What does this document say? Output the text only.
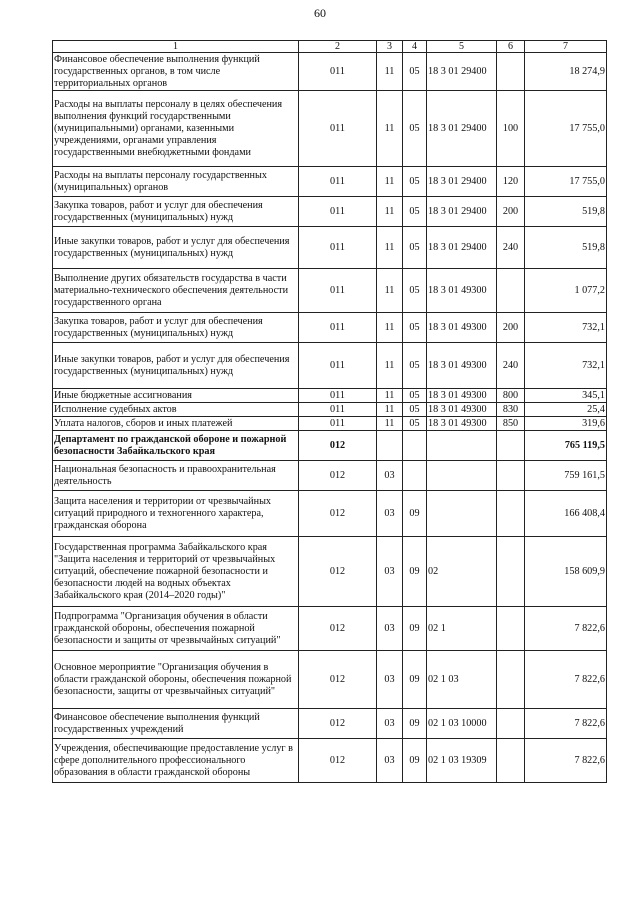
60
1	2	3	4	5	6	7
Финансовое обеспечение выполнения функций государственных органов, в том числе территориальных органов	011	11	05	18 3 01 29400		18 274,9
Расходы на выплаты персоналу в целях обеспечения выполнения функций государственными (муниципальными) органами, казенными учреждениями, органами управления государственными внебюджетными фондами	011	11	05	18 3 01 29400	100	17 755,0
Расходы на выплаты персоналу государственных (муниципальных) органов	011	11	05	18 3 01 29400	120	17 755,0
Закупка товаров, работ и услуг для обеспечения государственных (муниципальных) нужд	011	11	05	18 3 01 29400	200	519,8
Иные закупки товаров, работ и услуг для обеспечения государственных (муниципальных) нужд	011	11	05	18 3 01 29400	240	519,8
Выполнение других обязательств государства в части материально-технического обеспечения деятельности государственного органа	011	11	05	18 3 01 49300		1 077,2
Закупка товаров, работ и услуг для обеспечения государственных (муниципальных) нужд	011	11	05	18 3 01 49300	200	732,1
Иные закупки товаров, работ и услуг для обеспечения государственных (муниципальных) нужд	011	11	05	18 3 01 49300	240	732,1
Иные бюджетные ассигнования	011	11	05	18 3 01 49300	800	345,1
Исполнение судебных актов	011	11	05	18 3 01 49300	830	25,4
Уплата налогов, сборов и иных платежей	011	11	05	18 3 01 49300	850	319,6
Департамент по гражданской обороне и пожарной безопасности Забайкальского края	012					765 119,5
Национальная безопасность и правоохранительная деятельность	012	03				759 161,5
Защита населения и территории от чрезвычайных ситуаций природного и техногенного характера, гражданская оборона	012	03	09			166 408,4
Государственная программа Забайкальского края "Защита населения и территорий от чрезвычайных ситуаций, обеспечение пожарной безопасности и безопасности людей на водных объектах Забайкальского края (2014–2020 годы)"	012	03	09	02		158 609,9
Подпрограмма "Организация обучения в области гражданской обороны, обеспечения пожарной безопасности и защиты от чрезвычайных ситуаций"	012	03	09	02 1		7 822,6
Основное мероприятие "Организация обучения в области гражданской обороны, обеспечения пожарной безопасности, защиты от чрезвычайных ситуаций"	012	03	09	02 1 03		7 822,6
Финансовое обеспечение выполнения функций государственных учреждений	012	03	09	02 1 03 10000		7 822,6
Учреждения, обеспечивающие предоставление услуг в сфере дополнительного профессионального образования в области гражданской обороны	012	03	09	02 1 03 19309		7 822,6
